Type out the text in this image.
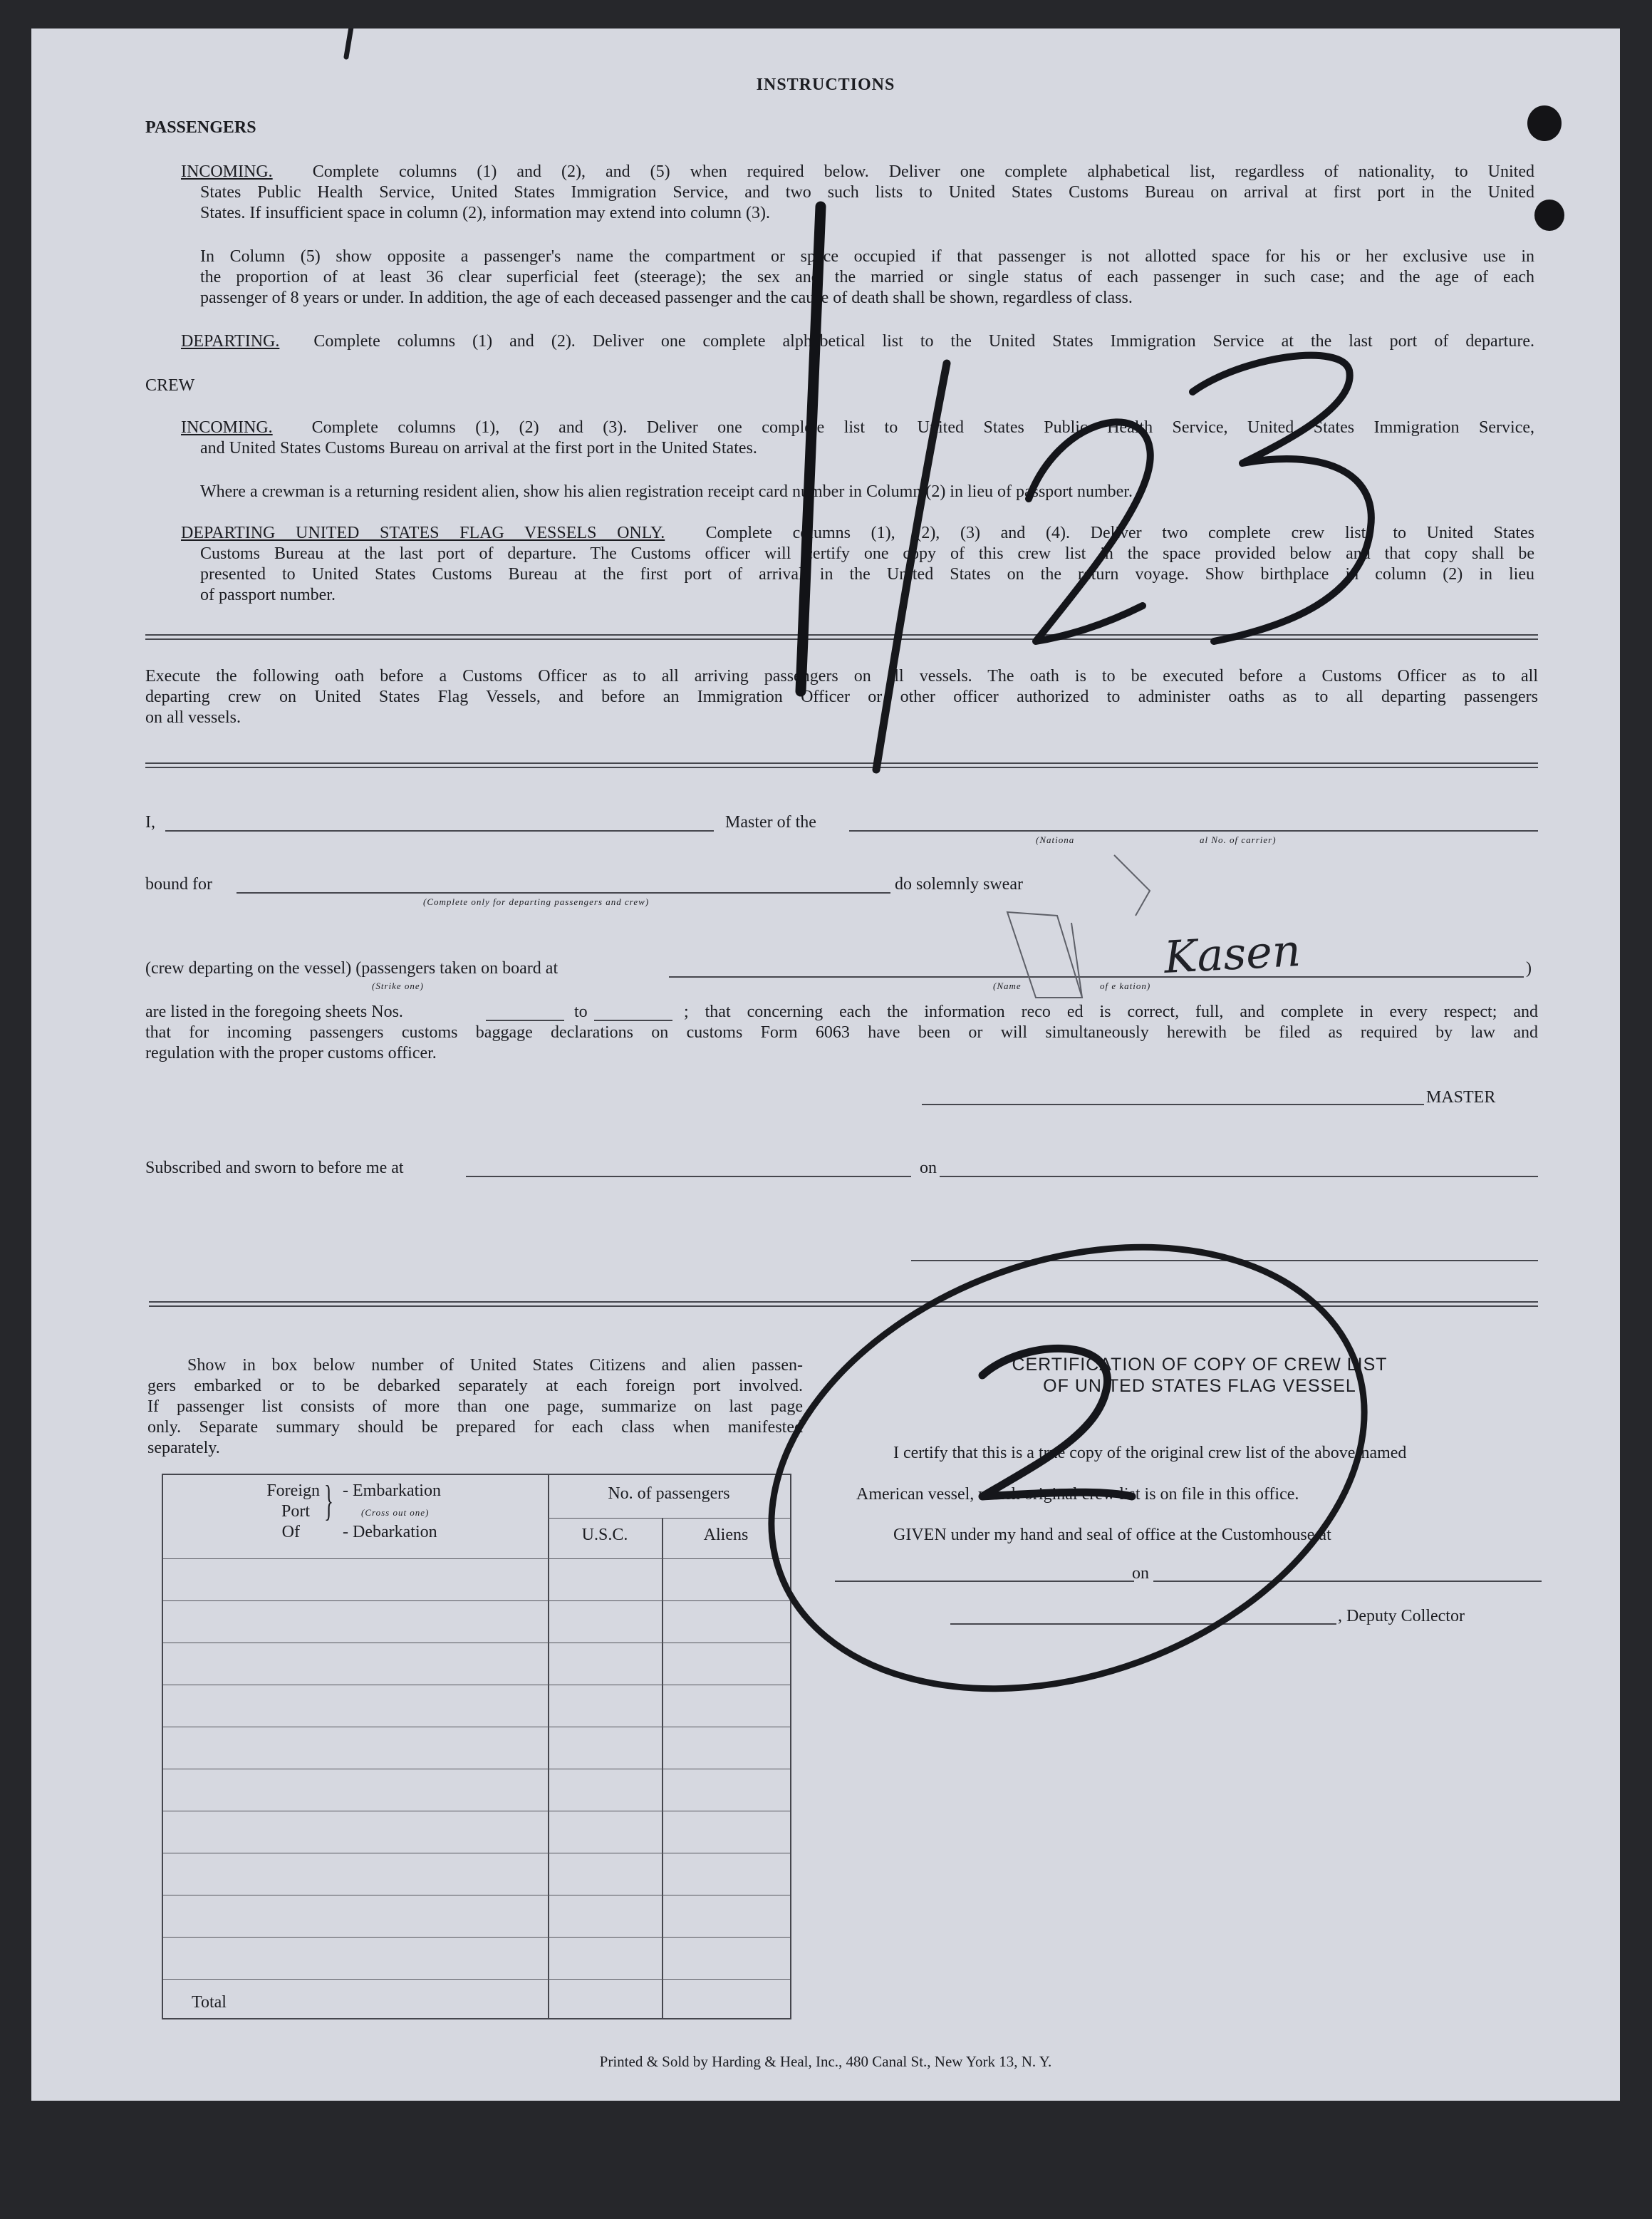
INSTRUCTIONS
PASSENGERS
INCOMING. Complete columns (1) and (2), and (5) when required below. Deliver one complete alphabetical list, regardless of nationality, to United
States Public Health Service, United States Immigration Service, and two such lists to United States Customs Bureau on arrival at first port in the United
States. If insufficient space in column (2), information may extend into column (3).
In Column (5) show opposite a passenger's name the compartment or space occupied if that passenger is not allotted space for his or her exclusive use in
the proportion of at least 36 clear superficial feet (steerage); the sex and the married or single status of each passenger in such case; and the age of each
passenger of 8 years or under. In addition, the age of each deceased passenger and the cause of death shall be shown, regardless of class.
DEPARTING. Complete columns (1) and (2). Deliver one complete alphabetical list to the United States Immigration Service at the last port of departure.
CREW
INCOMING. Complete columns (1), (2) and (3). Deliver one complete list to United States Public Health Service, United States Immigration Service,
and United States Customs Bureau on arrival at the first port in the United States.
Where a crewman is a returning resident alien, show his alien registration receipt card number in Column (2) in lieu of passport number.
DEPARTING UNITED STATES FLAG VESSELS ONLY. Complete columns (1), (2), (3) and (4). Deliver two complete crew lists to United States
Customs Bureau at the last port of departure. The Customs officer will certify one copy of this crew list in the space provided below and that copy shall be
presented to United States Customs Bureau at the first port of arrival in the United States on the return voyage. Show birthplace in column (2) in lieu
of passport number.
Execute the following oath before a Customs Officer as to all arriving passengers on all vessels. The oath is to be executed before a Customs Officer as to all
departing crew on United States Flag Vessels, and before an Immigration Officer or other officer authorized to administer oaths as to all departing passengers
on all vessels.
I,	Master of the
(Nationa	al No. of carrier)
bound for
(Complete only for departing passengers and crew)
do solemnly swear
(crew departing on the vessel) (passengers taken on board at	)
(Strike one)	(Name	of e kation)
Kasen
are listed in the foregoing sheets Nos.	to	; that concerning each the information reco ed is correct, full, and complete in every respect; and
that for incoming passengers customs baggage declarations on customs Form 6063 have been or will simultaneously herewith be filed as required by law and
regulation with the proper customs officer.
MASTER
Subscribed and sworn to before me at	on
Show in box below number of United States Citizens and alien passen-
gers embarked or to be debarked separately at each foreign port involved.
If passenger list consists of more than one page, summarize on last page
only. Separate summary should be prepared for each class when manifested
separately.
Foreign
Port
Of
} - Embarkation
(Cross out one)
- Debarkation
No. of passengers
U.S.C.	Aliens
Total
CERTIFICATION OF COPY OF CREW LIST
OF UNITED STATES FLAG VESSEL
I certify that this is a true copy of the original crew list of the above-named
American vessel, which original crew list is on file in this office.
GIVEN under my hand and seal of office at the Customhouse at
on
, Deputy Collector
Printed & Sold by Harding & Heal, Inc., 480 Canal St., New York 13, N. Y.
